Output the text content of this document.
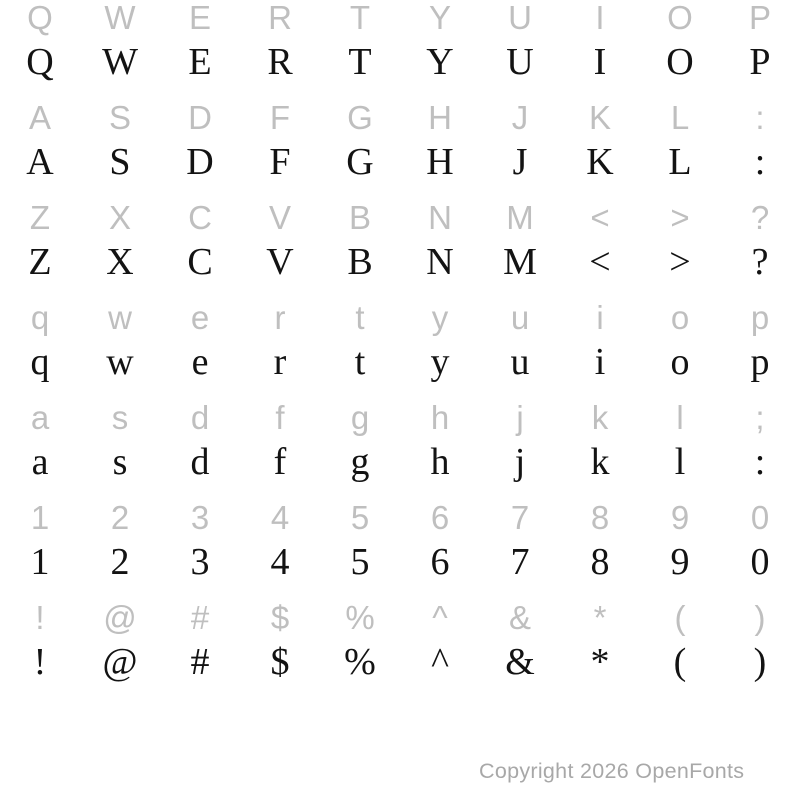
Q	W	E	R	T	Y	U	I	O	P
Q	W	E	R	T	Y	U	I	O	P
A	S	D	F	G	H	J	K	L	:
A	S	D	F	G	H	J	K	L	:
Z	X	C	V	B	N	M	<	>	?
Z	X	C	V	B	N	M	<	>	?
q	w	e	r	t	y	u	i	o	p
q	w	e	r	t	y	u	i	o	p
a	s	d	f	g	h	j	k	l	;
a	s	d	f	g	h	j	k	l	:
1	2	3	4	5	6	7	8	9	0
1	2	3	4	5	6	7	8	9	0
!	@	#	$	%	^	&	*	(	)
!	@	#	$	%	^	&	*	(	)
Copyright 2026 OpenFonts
